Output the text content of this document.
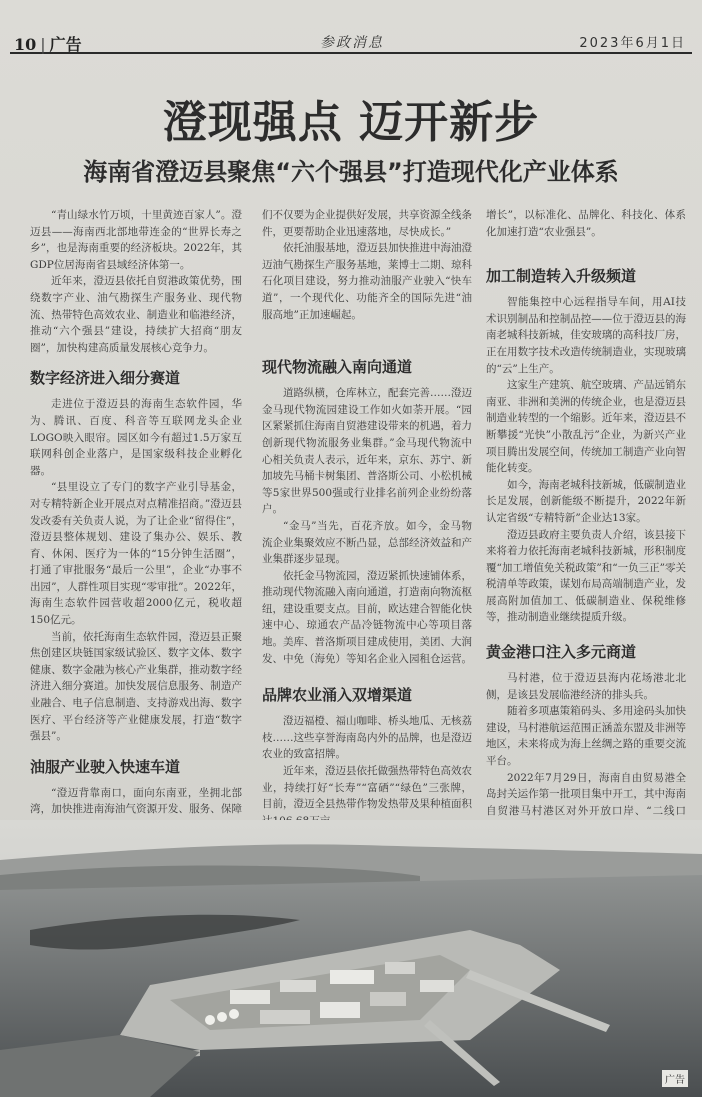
10 | 广告	参政消息	2023年6月1日
澄现强点 迈开新步
海南省澄迈县聚焦“六个强县”打造现代化产业体系

“青山绿水竹万顷，十里黄迹百家人”。澄迈县——海南西北部地带连金的“世界长寿之乡”，也是海南重要的经济板块。2022年，其GDP位居海南省县域经济体第一。

近年来，澄迈县依托自贸港政策优势，围绕数字产业、油气勘探生产服务业、现代物流、热带特色高效农业、制造业和临港经济，推动“六个强县”建设，持续扩大招商“朋友圈”，加快构建高质量发展核心竞争力。

数字经济进入细分赛道

走进位于澄迈县的海南生态软件园，华为、腾讯、百度、科音等互联网龙头企业LOGO映入眼帘。园区如今有超过1.5万家互联网科创企业落户，是国家级科技企业孵化器。

“县里设立了专门的数字产业引导基金，对专精特新企业开展点对点精准招商。”澄迈县发改委有关负责人说，为了让企业“留得住”，澄迈县整体规划、建设了集办公、娱乐、教育、休闲、医疗为一体的“15分钟生活圈”，打通了审批服务“最后一公里”，企业“办事不出园”，人群性项目实现“零审批”。2022年，海南生态软件园营收超2000亿元，税收超150亿元。

当前，依托海南生态软件园，澄迈县正聚焦创建区块链国家级试验区、数字文体、数字健康、数字金融为核心产业集群，推动数字经济进入细分赛道。加快发展信息服务、制造产业融合、电子信息制造、支持游戏出海、数字医疗、平台经济等产业健康发展，打造“数字强县”。

油服产业驶入快速车道

“澄迈背靠南口，面向东南亚，坐拥北部湾，加快推进南海油气资源开发、服务、保障

们不仅要为企业提供好发展，共享资源全线条件，更要帮助企业迅速落地，尽快成长。”

依托油服基地，澄迈县加快推进中海油澄迈油气勘探生产服务基地，莱博士二期、琼科石化项目建设，努力推动油服产业驶入“快车道”，一个现代化、功能齐全的国际先进“油服高地”正加速崛起。

现代物流融入南向通道

道路纵横，仓库林立，配套完善……澄迈金马现代物流园建设工作如火如荼开展。“园区紧紧抓住海南自贸港建设带来的机遇，着力创新现代物流服务业集群。”金马现代物流中心相关负责人表示，近年来，京东、苏宁、新加坡先马桶卡树集团、普洛斯公司、小松机械等5家世界500强或行业排名前列企业纷纷落户。

“金马”当先，百花齐放。如今，金马物流企业集聚效应不断凸显，总部经济效益和产业集群逐步显现。

依托金马物流园，澄迈紧抓快速铺体系，推动现代物流融入南向通道，打造南向物流枢纽，建设重要支点。目前，欧达建合智能化快速中心、琼通农产品冷链物流中心等项目落地。美库、普洛斯项目建成使用，美团、大润发、中免（海免）等知名企业入园租仓运营。

品牌农业涌入双增渠道

澄迈福橙、福山咖啡、桥头地瓜、无核荔枝……这些享誉海南岛内外的品牌，也是澄迈农业的致富招牌。

近年来，澄迈县依托做强热带特色高效农业，持续打好“长寿”“富硒”“绿色”三张牌，目前，澄迈全县热带作物发热带及果种植面积

增长”，以标准化、品牌化、科技化、体系化加速打造“农业强县”。

加工制造转入升级频道

智能集控中心远程指导车间，用AI技术识别制品和控制品控——位于澄迈县的海南老城科技新城，佳安玻璃的高科技厂房，正在用数字技术改造传统制造业，实现玻璃的“云”上生产。

这家生产建筑、航空玻璃、产品远销东南亚、非洲和美洲的传统企业，也是澄迈县制造业转型的一个缩影。近年来，澄迈县不断攀援“光快”小散乱污”企业，为新兴产业项目腾出发展空间，传统加工制造产业向智能化转变。

如今，海南老城科技新城，低碳制造业长足发展，创新能级不断提升，2022年新认定省级“专精特新”企业达13家。

澄迈县政府主要负责人介绍，该县接下来将着力依托海南老城科技新城，形积制度覆“加工增值免关税政策”和“一负三正”零关税清单等政策，谋划布局高端制造产业，发展高附加值加工、低碳制造业、保税维修等，推动制造业继续提质升级。

黄金港口注入多元商道

马村港，位于澄迈县海内花场港北北侧，是该县发展临港经济的排头兵。

随着多项惠策箱码头、多用途码头加快建设，马村港航运范围正涵盖东盟及非洲等地区，未来将成为海上丝绸之路的重要交流平台。

2022年7月29日，海南自由贸易港全岛封关运作第一批项目集中开工，其中海南自贸港马村港区对外开放口岸、“二线口

广告
